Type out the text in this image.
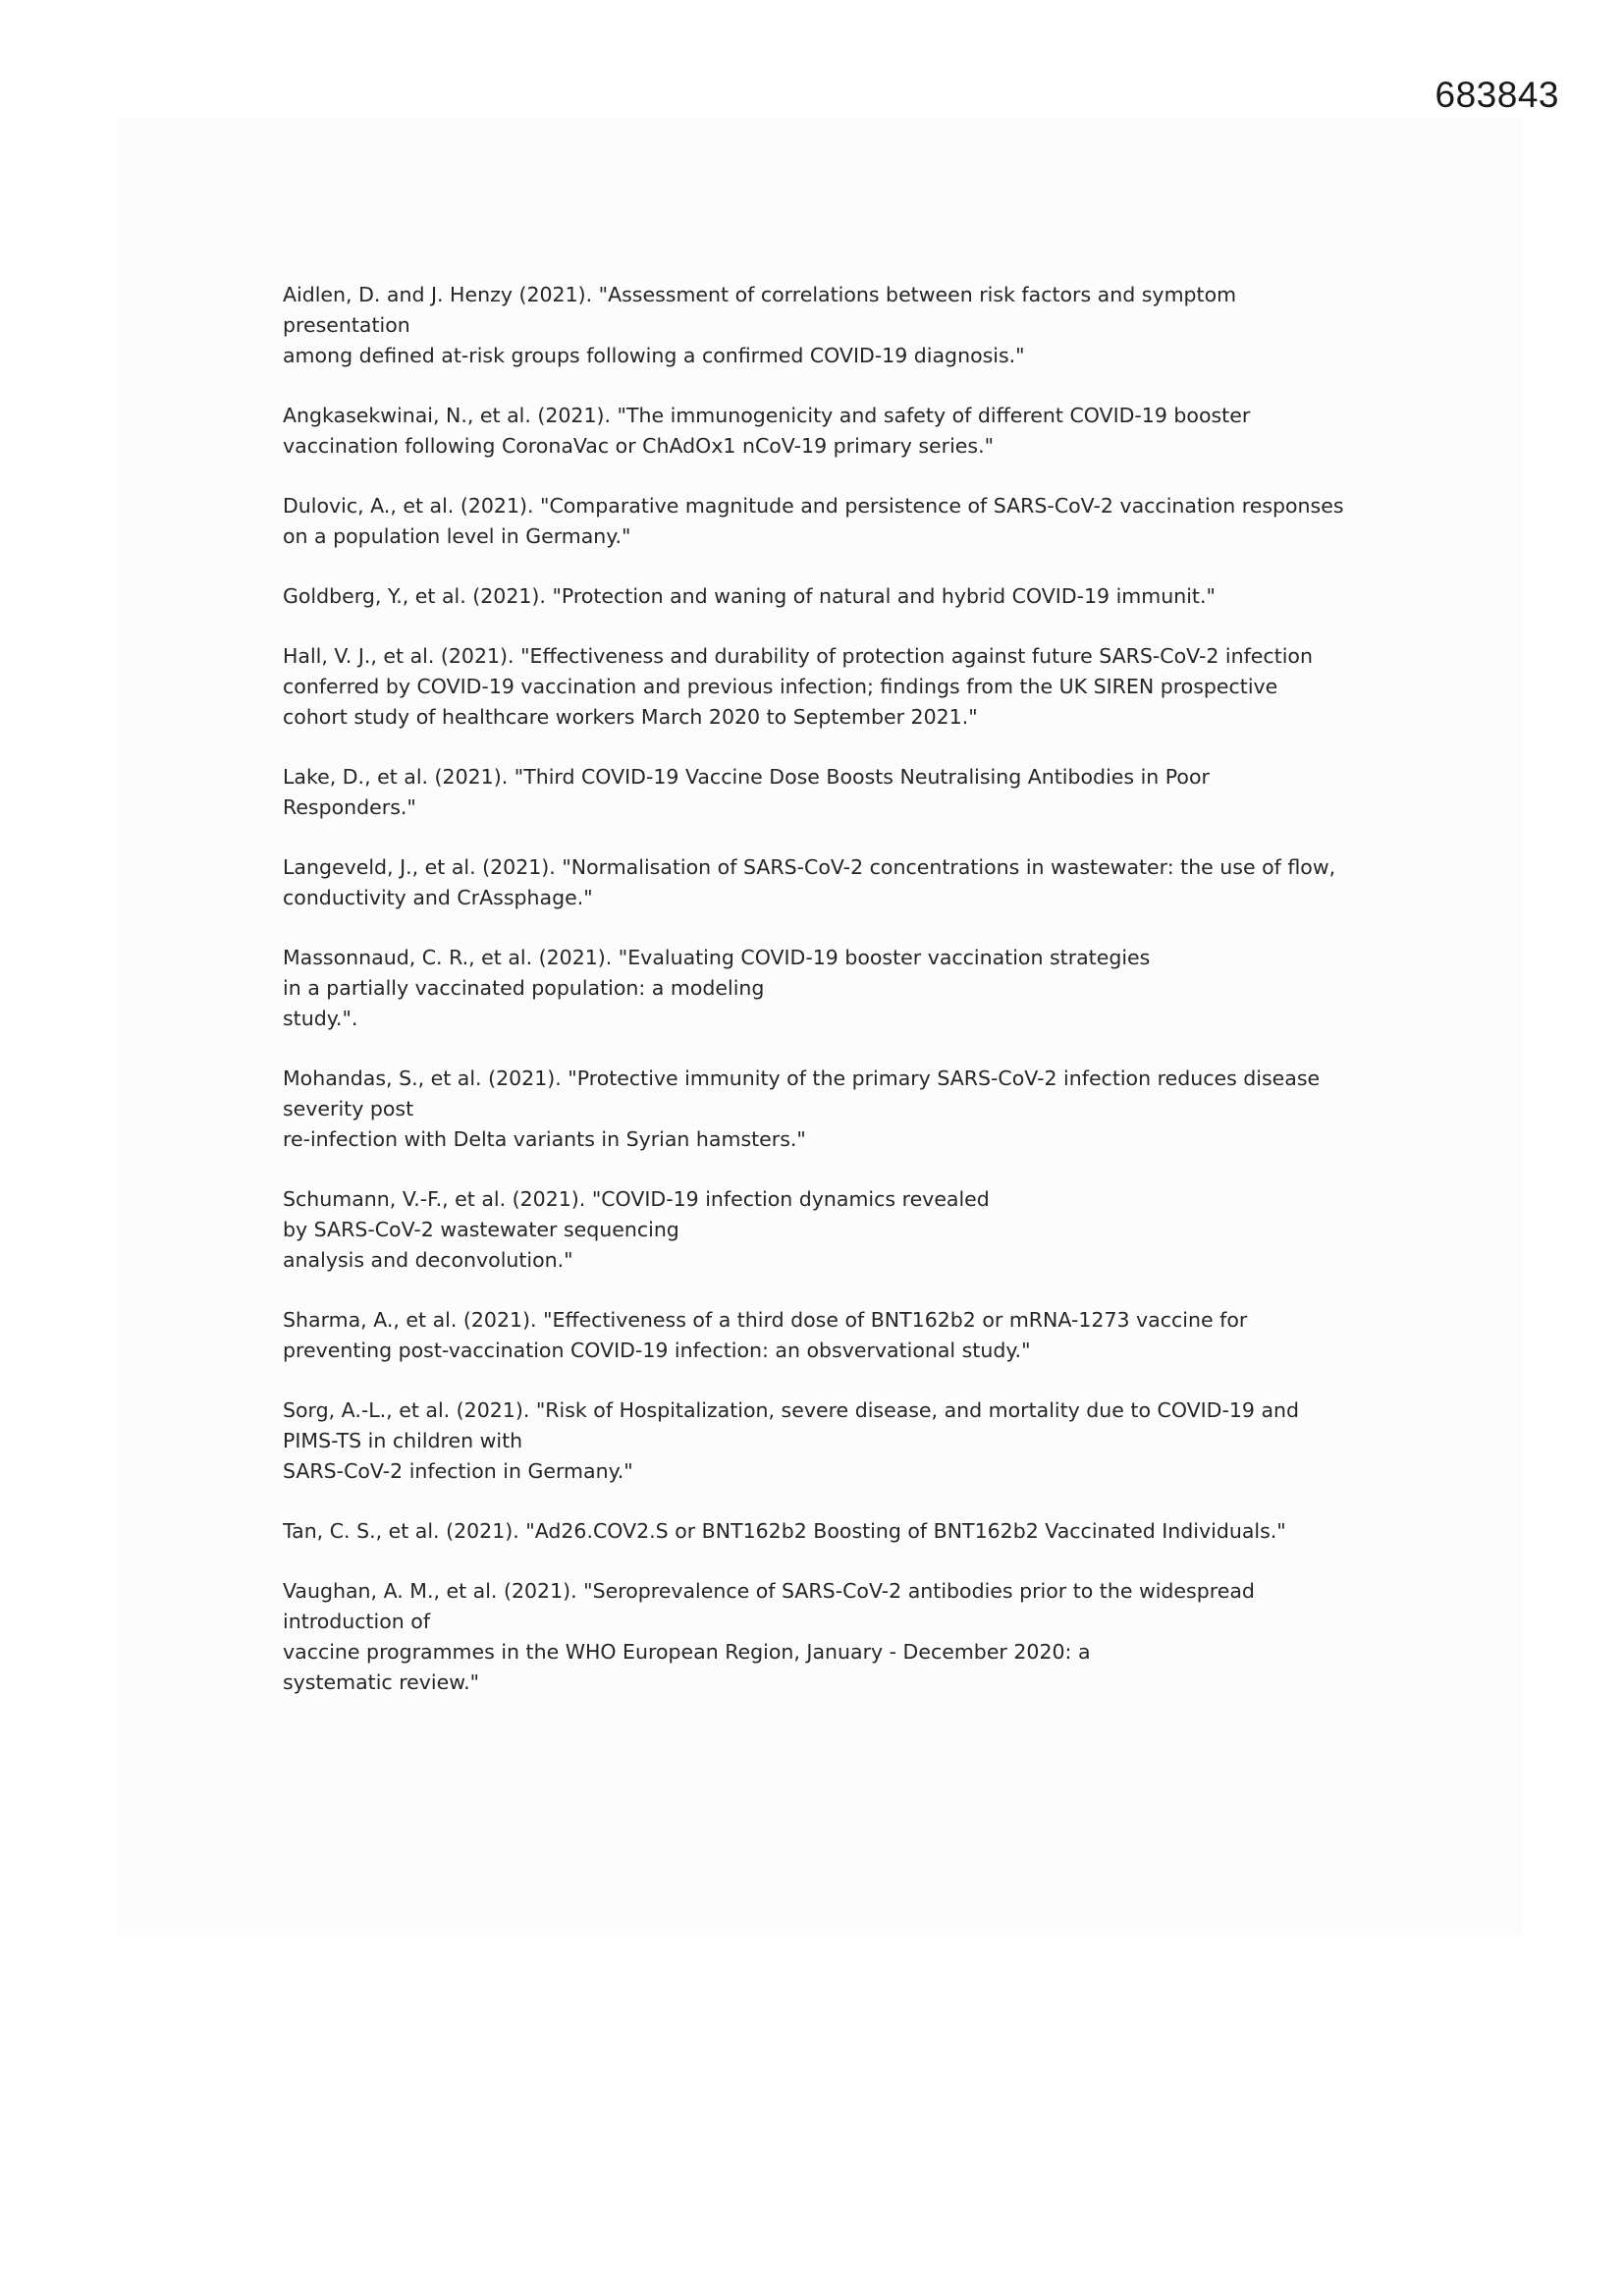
683843
Aidlen, D. and J. Henzy (2021). "Assessment of correlations between risk factors and symptom
presentation
among defined at-risk groups following a confirmed COVID-19 diagnosis."
Angkasekwinai, N., et al. (2021). "The immunogenicity and safety of different COVID-19 booster
vaccination following CoronaVac or ChAdOx1 nCoV-19 primary series."
Dulovic, A., et al. (2021). "Comparative magnitude and persistence of SARS-CoV-2 vaccination responses
on a population level in Germany."
Goldberg, Y., et al. (2021). "Protection and waning of natural and hybrid COVID-19 immunit."
Hall, V. J., et al. (2021). "Effectiveness and durability of protection against future SARS-CoV-2 infection
conferred by COVID-19 vaccination and previous infection; findings from the UK SIREN prospective
cohort study of healthcare workers March 2020 to September 2021."
Lake, D., et al. (2021). "Third COVID-19 Vaccine Dose Boosts Neutralising Antibodies in Poor
Responders."
Langeveld, J., et al. (2021). "Normalisation of SARS-CoV-2 concentrations in wastewater: the use of flow,
conductivity and CrAssphage."
Massonnaud, C. R., et al. (2021). "Evaluating COVID-19 booster vaccination strategies
in a partially vaccinated population: a modeling
study.".
Mohandas, S., et al. (2021). "Protective immunity of the primary SARS-CoV-2 infection reduces disease
severity post
re-infection with Delta variants in Syrian hamsters."
Schumann, V.-F., et al. (2021). "COVID-19 infection dynamics revealed
by SARS-CoV-2 wastewater sequencing
analysis and deconvolution."
Sharma, A., et al. (2021). "Effectiveness of a third dose of BNT162b2 or mRNA-1273 vaccine for
preventing post-vaccination COVID-19 infection: an obsvervational study."
Sorg, A.-L., et al. (2021). "Risk of Hospitalization, severe disease, and mortality due to COVID-19 and
PIMS-TS in children with
SARS-CoV-2 infection in Germany."
Tan, C. S., et al. (2021). "Ad26.COV2.S or BNT162b2 Boosting of BNT162b2 Vaccinated Individuals."
Vaughan, A. M., et al. (2021). "Seroprevalence of SARS-CoV-2 antibodies prior to the widespread
introduction of
vaccine programmes in the WHO European Region, January - December 2020: a
systematic review."
